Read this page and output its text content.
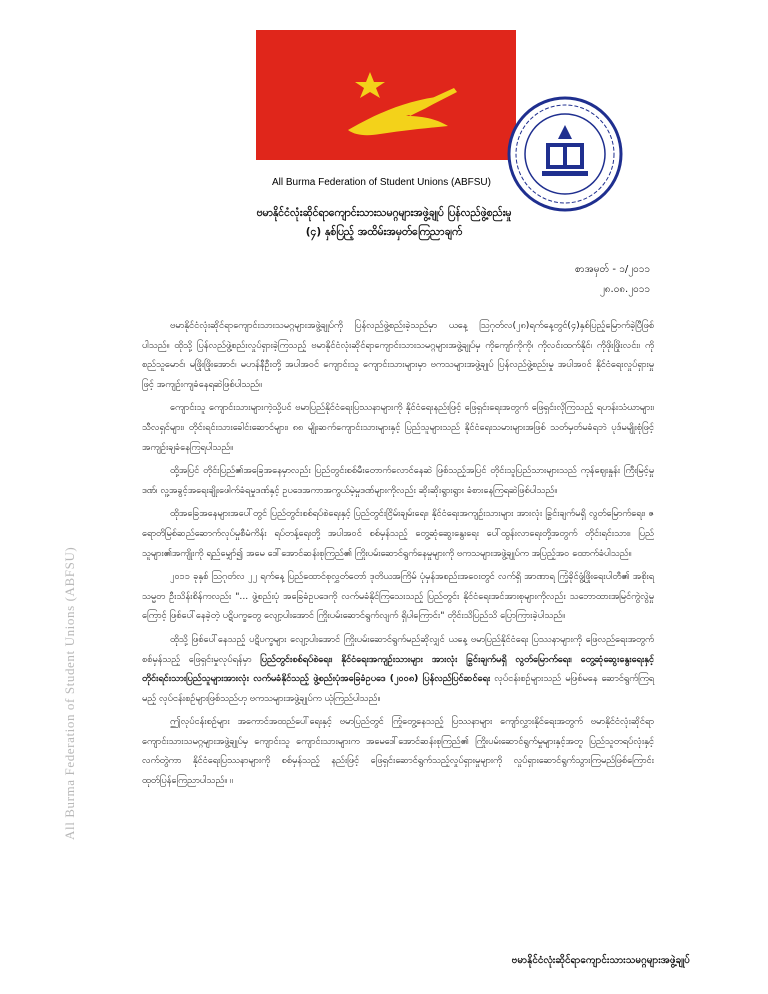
All Burma Federation of Student Unions (ABFSU)
All Burma Federation of Student Unions (ABFSU)
ဗမာနိုင်ငံလုံးဆိုင်ရာကျောင်းသားသမဂ္ဂများအဖွဲ့ချုပ် ပြန်လည်ဖွဲ့စည်းမှု
(၄) နှစ်ပြည့် အထိမ်းအမှတ်ကြေညာချက်
စာအမှတ် - ၁/၂၀၁၁
၂၈.၀၈.၂၀၁၁

ဗမာနိုင်ငံလုံးဆိုင်ရာကျောင်းသားသမဂ္ဂများအဖွဲ့ချုပ်ကို ပြန်လည်ဖွဲ့စည်းခဲ့သည်မှာ ယနေ့ ဩဂုတ်လ(၂၈)ရက်နေ့တွင်(၄)နှစ်ပြည့်မြောက်ခဲ့ပြီဖြစ်ပါသည်။ ထိုသို့ ပြန်လည်ဖွဲ့စည်းလှုပ်ရှားခဲ့ကြသည့် ဗမာနိုင်ငံလုံးဆိုင်ရာကျောင်းသားသမဂ္ဂများအဖွဲ့ချုပ်မှ ကိုကျော်ကိုကို၊ ကိုလင်းထက်နိုင်၊ ကိုဖိုးဖြိုးလင်း၊ ကိုစည်သူမောင်၊ မဖြိုးဖြိုးအောင်၊ မဟန်နီဦးတို့ အပါအဝင် ကျောင်းသူ ကျောင်းသားများမှာ ဗကသများအဖွဲ့ချုပ် ပြန်လည်ဖွဲ့စည်းမှု အပါအဝင် နိုင်ငံရေးလှုပ်ရှားမှုဖြင့် အကျဉ်းကျခံနေရဆဲဖြစ်ပါသည်။

ကျောင်းသူ ကျောင်းသားများကဲ့သို့ပင် ဗမာပြည်နိုင်ငံရေးပြဿနာများကို နိုင်ငံရေးနည်းဖြင့် ဖြေရှင်းရေးအတွက် ဖြေရှင်းလိုကြသည့် ရဟန်းသံဃာများ၊ သီလရှင်များ၊ တိုင်းရင်းသားခေါင်းဆောင်များ၊ ၈၈ မျိုးဆက်ကျောင်းသားများနှင့် ပြည်သူများသည် နိုင်ငံရေးသမားများအဖြစ် သတ်မှတ်မခံရဘဲ ပုဒ်မမျိုးစုံဖြင့် အကျဉ်းချခံနေကြရပါသည်။

ထို့အပြင် တိုင်းပြည်၏အခြေအနေမှာလည်း ပြည်တွင်းစစ်မီးတောက်လောင်နေဆဲ ဖြစ်သည့်အပြင် တိုင်းသူပြည်သားများသည် ကုန်ဈေးနှုန်း ကြီးမြင့်မှုဒဏ်၊ လူ့အခွင့်အရေးချိုးဖေါက်ခံရမှုဒဏ်နှင့် ဥပဒေအကာအကွယ်မဲ့မှုဒဏ်များကိုလည်း ဆိုးဆိုးရွားရွား ခံစားနေကြရဆဲဖြစ်ပါသည်။

ထိုအခြေအနေများအပေါ်တွင် ပြည်တွင်းစစ်ရပ်စဲရေးနှင့် ပြည်တွင်းငြိမ်းချမ်းရေး၊ နိုင်ငံရေးအကျဉ်းသားများ အားလုံး ခြွင်းချက်မရှိ လွတ်မြောက်ရေး၊ ဇရောတိမြစ်ဆည်ဆောက်လုပ်မှုစီမံကိန်း ရပ်တန့်ရေးတို့ အပါအဝင် စစ်မှန်သည့် တွေ့ဆုံဆွေးနွေးရေး ပေါ်ထွန်းလာရေးတို့အတွက် တိုင်းရင်းသား၊ ပြည်သူများ၏အကျိုးကို ရည်မျှော်၍ အမေ ဒေါ်အောင်ဆန်းစုကြည်၏ ကြိုးပမ်းဆောင်ရွက်နေမှုများကို ဗကသများအဖွဲ့ချုပ်က အပြည့်အဝ ထောက်ခံပါသည်။

၂၀၁၁ ခုနှစ် ဩဂုတ်လ ၂၂ ရက်နေ့ ပြည်ထောင်စုလွှတ်တော် ဒုတိယအကြိမ် ပုံမှန်အစည်းအဝေးတွင် လက်ရှိ အာဏာရ ကြံ့ခိုင်ဖွံ့ဖြိုးရေးပါတီ၏ အစိုးရသမ္မတ ဦးသိန်းစိန်ကလည်း "... ဖွဲ့စည်းပုံ အခြေခံဥပဒေကို လက်မခံနိုင်ကြသေးသည့် ပြည်တွင်း နိုင်ငံရေးအင်အားစုများကိုလည်း သဘောထားအမြင်ကွဲလွဲမှုကြောင့် ဖြစ်ပေါ်နေခဲ့တဲ့ ပဋိပက္ခတွေ လျော့ပါးအောင် ကြိုးပမ်းဆောင်ရွက်လျက် ရှိပါကြောင်း" တိုင်းသိပြည်သိ ပြောကြားခဲ့ပါသည်။

ထိုသို့ ဖြစ်ပေါ်နေသည့် ပဋိပက္ခများ လျော့ပါးအောင် ကြိုးပမ်းဆောင်ရွက်မည်ဆိုလျှင် ယနေ့ ဗမာပြည်နိုင်ငံရေး ပြဿနာများကို ဖြေလည်ရေးအတွက် စစ်မှန်သည့် ဖြေရှင်းမှုလုပ်ရန်မှာ ပြည်တွင်းစစ်ရပ်စဲရေး၊ နိုင်ငံရေးအကျဉ်းသားများ အားလုံး ခြွင်းချက်မရှိ လွတ်မြောက်ရေး၊ တွေ့ဆုံဆွေးနွေးရေးနှင့် တိုင်းရင်းသားပြည်သူများအားလုံး လက်မခံနိုင်သည့် ဖွဲ့စည်းပုံအခြေခံဥပဒေ (၂၀၀၈) ပြန်လည်ပြင်ဆင်ရေး လုပ်ငန်းစဉ်များသည် မဖြစ်မနေ ဆောင်ရွက်ကြရမည့် လုပ်ငန်းစဉ်များဖြစ်သည်ဟု ဗကသများအဖွဲ့ချုပ်က ယုံကြည်ပါသည်။

ဤလုပ်ငန်းစဉ်များ အကောင်အထည်ပေါ်ရေးနှင့် ဗမာပြည်တွင် ကြုံတွေ့နေသည့် ပြဿနာများ ကျော်လွှားနိုင်ရေးအတွက် ဗမာနိုင်ငံလုံးဆိုင်ရာကျောင်းသားသမဂ္ဂများအဖွဲ့ချုပ်မှ ကျောင်းသူ ကျောင်းသားများက အမေဒေါ်အောင်ဆန်းစုကြည်၏ ကြိုးပမ်းဆောင်ရွက်မှုများနှင့်အတူ ပြည်သူတရပ်လုံးနှင့်လက်တွဲကာ နိုင်ငံရေးပြဿနာများကို စစ်မှန်သည့် နည်းဖြင့် ဖြေရှင်းဆောင်ရွက်သည့်လှုပ်ရှားမှုများကို လှုပ်ရှားဆောင်ရွက်သွားကြမည်ဖြစ်ကြောင်း ထုတ်ပြန်ကြေညာပါသည်။ ။

ဗမာနိုင်ငံလုံးဆိုင်ရာကျောင်းသားသမဂ္ဂများအဖွဲ့ချုပ်
